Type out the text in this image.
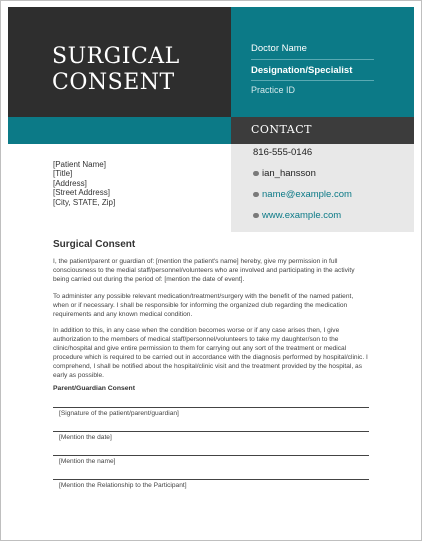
SURGICAL
CONSENT
Doctor Name
Designation/Specialist
Practice ID
CONTACT
816-555-0146
ian_hansson
name@example.com
www.example.com
[Patient Name]
[Title]
[Address]
[Street Address]
[City, STATE, Zip]
Surgical Consent
I, the patient/parent or guardian of: [mention the patient's name] hereby, give my permission in full consciousness to the medial staff/personnel/volunteers who are involved and participating in the activity being carried out during the period of: [mention the date of event].
To administer any possible relevant medication/treatment/surgery with the benefit of the named patient, when or if necessary. I shall be responsible for informing the organized club regarding the medication requirements and any known medical condition.
In addition to this, in any case when the condition becomes worse or if any case arises then, I give authorization to the members of medical staff/personnel/volunteers to take my daughter/son to the clinic/hospital and give entire permission to them for carrying out any sort of the treatment or medical procedure which is required to be carried out in accordance with the diagnosis performed by hospital/clinic. I comprehend, I shall be notified about the hospital/clinic visit and the treatment provided by the hospital, as early as possible.
Parent/Guardian Consent
[Signature of the patient/parent/guardian]
[Mention the date]
[Mention the name]
[Mention the Relationship to the Participant]
